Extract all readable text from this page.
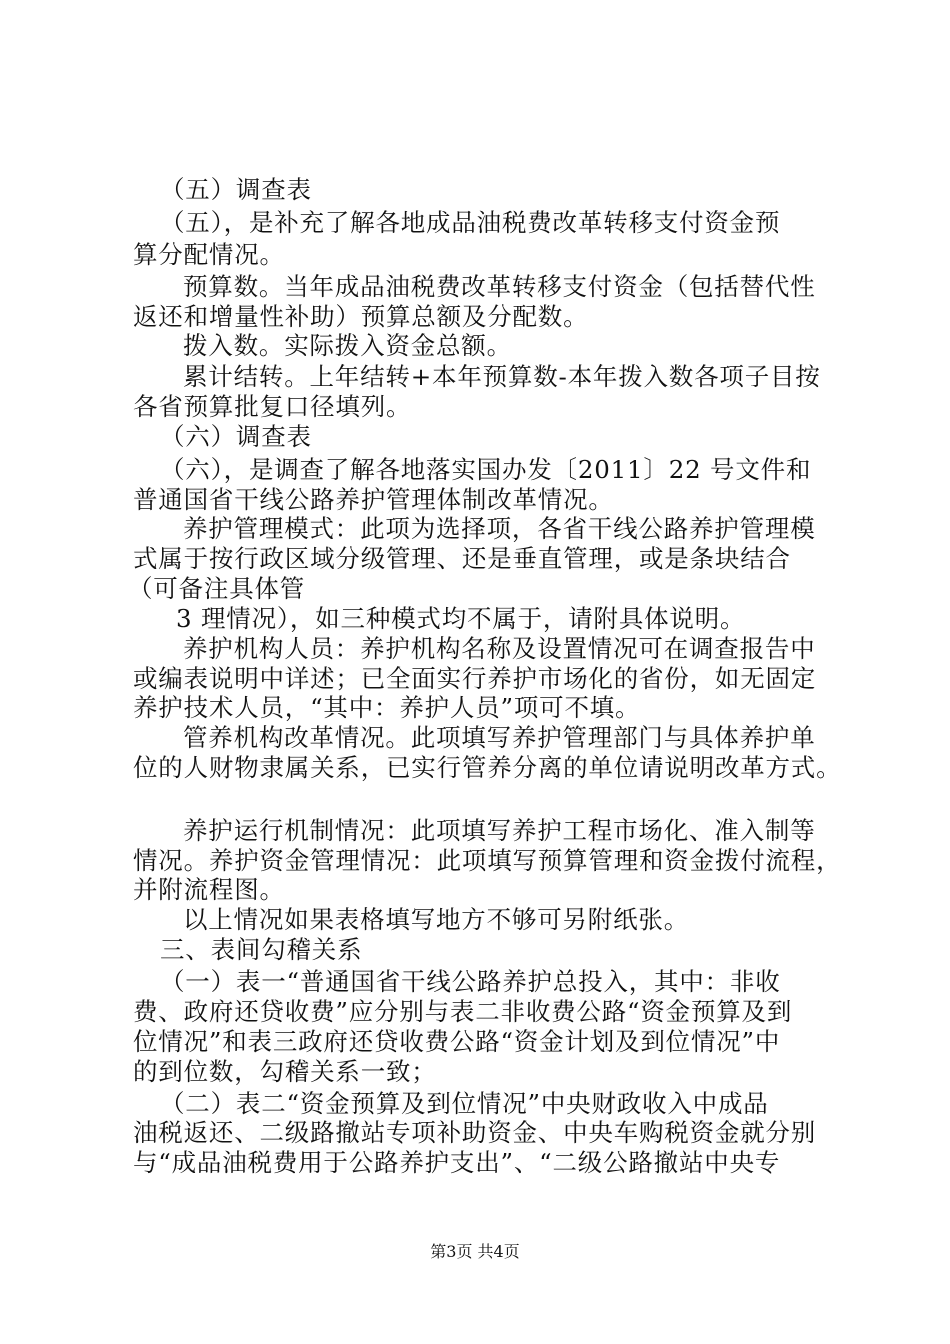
（五）调查表
（五），是补充了解各地成品油税费改革转移支付资金预
算分配情况。
预算数。当年成品油税费改革转移支付资金（包括替代性
返还和增量性补助）预算总额及分配数。
拨入数。实际拨入资金总额。
累计结转。上年结转+本年预算数-本年拨入数各项子目按
各省预算批复口径填列。
（六）调查表
（六），是调查了解各地落实国办发〔2011〕22 号文件和
普通国省干线公路养护管理体制改革情况。
养护管理模式：此项为选择项，各省干线公路养护管理模
式属于按行政区域分级管理、还是垂直管理，或是条块结合
（可备注具体管
3 理情况），如三种模式均不属于，请附具体说明。
养护机构人员：养护机构名称及设置情况可在调查报告中
或编表说明中详述；已全面实行养护市场化的省份，如无固定
养护技术人员，“其中：养护人员”项可不填。
管养机构改革情况。此项填写养护管理部门与具体养护单
位的人财物隶属关系，已实行管养分离的单位请说明改革方式。
养护运行机制情况：此项填写养护工程市场化、准入制等
情况。养护资金管理情况：此项填写预算管理和资金拨付流程，
并附流程图。
以上情况如果表格填写地方不够可另附纸张。
三、表间勾稽关系
（一）表一“普通国省干线公路养护总投入，其中：非收
费、政府还贷收费”应分别与表二非收费公路“资金预算及到
位情况”和表三政府还贷收费公路“资金计划及到位情况”中
的到位数，勾稽关系一致；
（二）表二“资金预算及到位情况”中央财政收入中成品
油税返还、二级路撤站专项补助资金、中央车购税资金就分别
与“成品油税费用于公路养护支出”、“二级公路撤站中央专
第3页 共4页
